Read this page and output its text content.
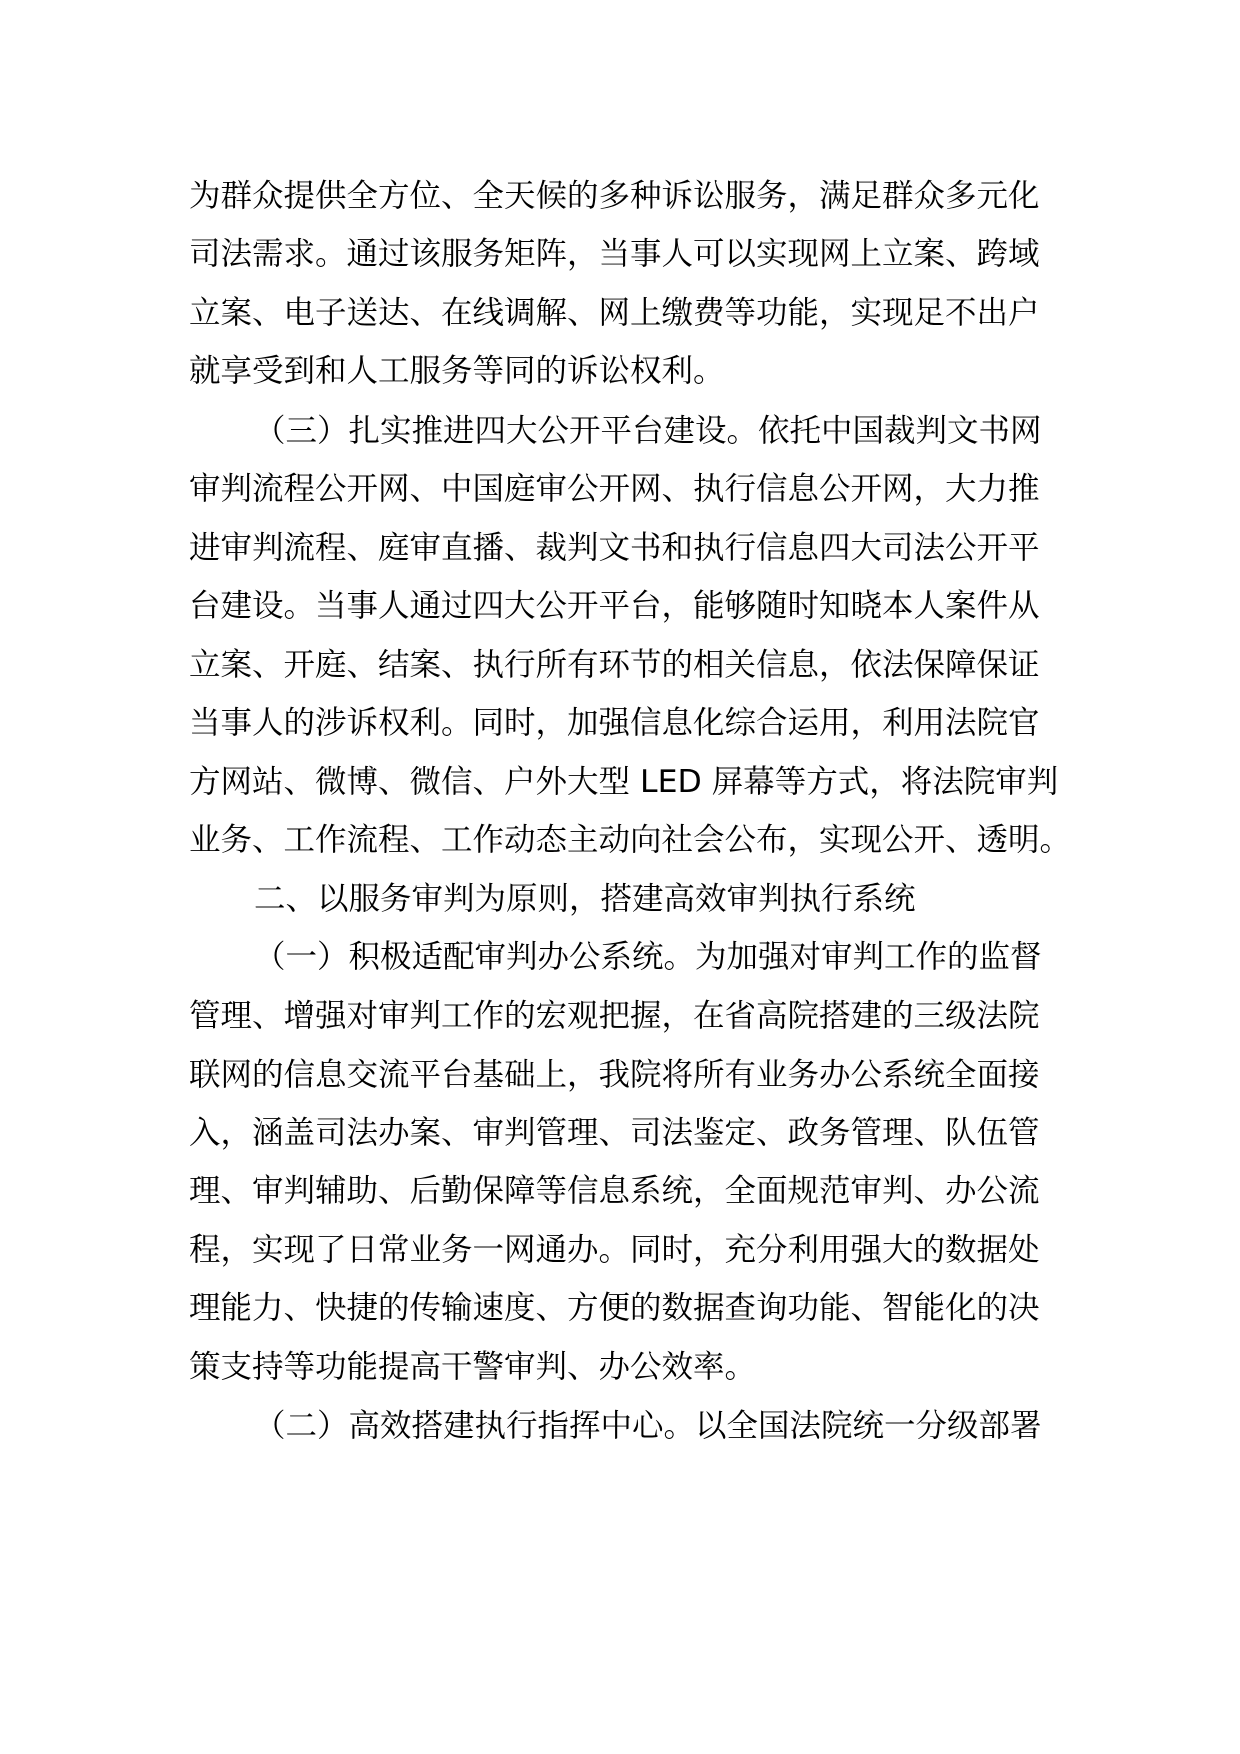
为群众提供全方位、全天候的多种诉讼服务，满足群众多元化
司法需求。通过该服务矩阵，当事人可以实现网上立案、跨域
立案、电子送达、在线调解、网上缴费等功能，实现足不出户
就享受到和人工服务等同的诉讼权利。
（三）扎实推进四大公开平台建设。依托中国裁判文书网
审判流程公开网、中国庭审公开网、执行信息公开网，大力推
进审判流程、庭审直播、裁判文书和执行信息四大司法公开平
台建设。当事人通过四大公开平台，能够随时知晓本人案件从
立案、开庭、结案、执行所有环节的相关信息，依法保障保证
当事人的涉诉权利。同时，加强信息化综合运用，利用法院官
方网站、微博、微信、户外大型 LED 屏幕等方式，将法院审判
业务、工作流程、工作动态主动向社会公布，实现公开、透明。
二、以服务审判为原则，搭建高效审判执行系统
（一）积极适配审判办公系统。为加强对审判工作的监督
管理、增强对审判工作的宏观把握，在省高院搭建的三级法院
联网的信息交流平台基础上，我院将所有业务办公系统全面接
入，涵盖司法办案、审判管理、司法鉴定、政务管理、队伍管
理、审判辅助、后勤保障等信息系统，全面规范审判、办公流
程，实现了日常业务一网通办。同时，充分利用强大的数据处
理能力、快捷的传输速度、方便的数据查询功能、智能化的决
策支持等功能提高干警审判、办公效率。
（二）高效搭建执行指挥中心。以全国法院统一分级部署
